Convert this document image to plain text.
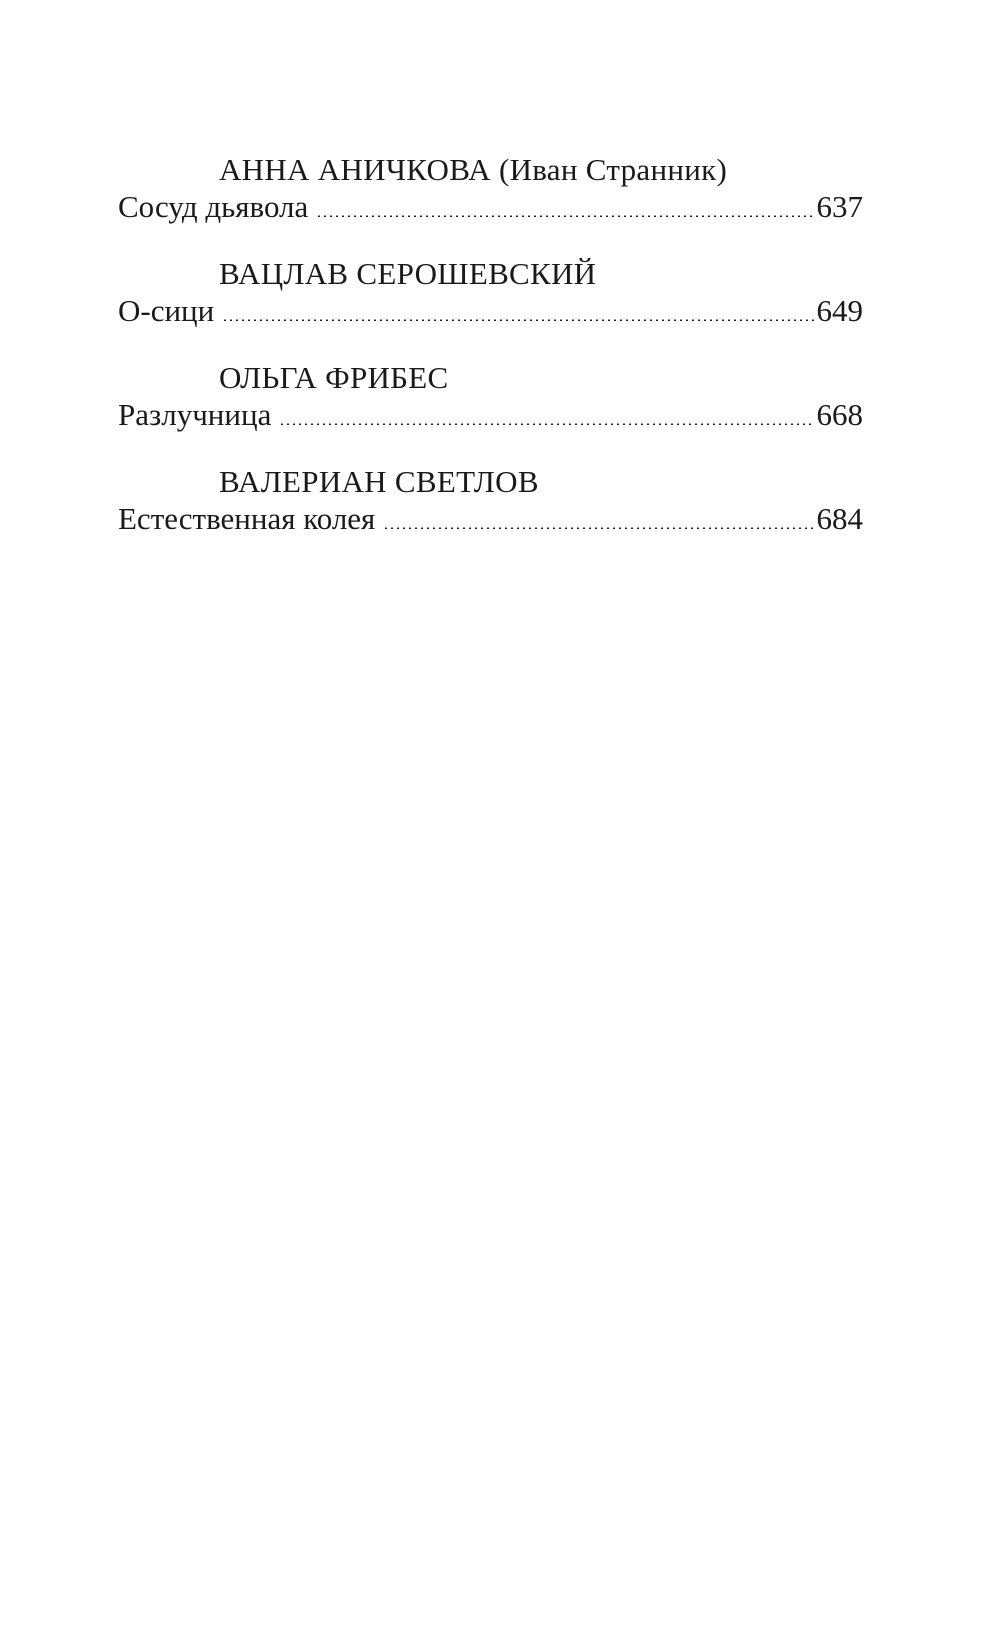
АННА АНИЧКОВА (Иван Странник)
Сосуд дьявола	637
ВАЦЛАВ СЕРОШЕВСКИЙ
О-сици	649
ОЛЬГА ФРИБЕС
Разлучница	668
ВАЛЕРИАН СВЕТЛОВ
Естественная колея	684
